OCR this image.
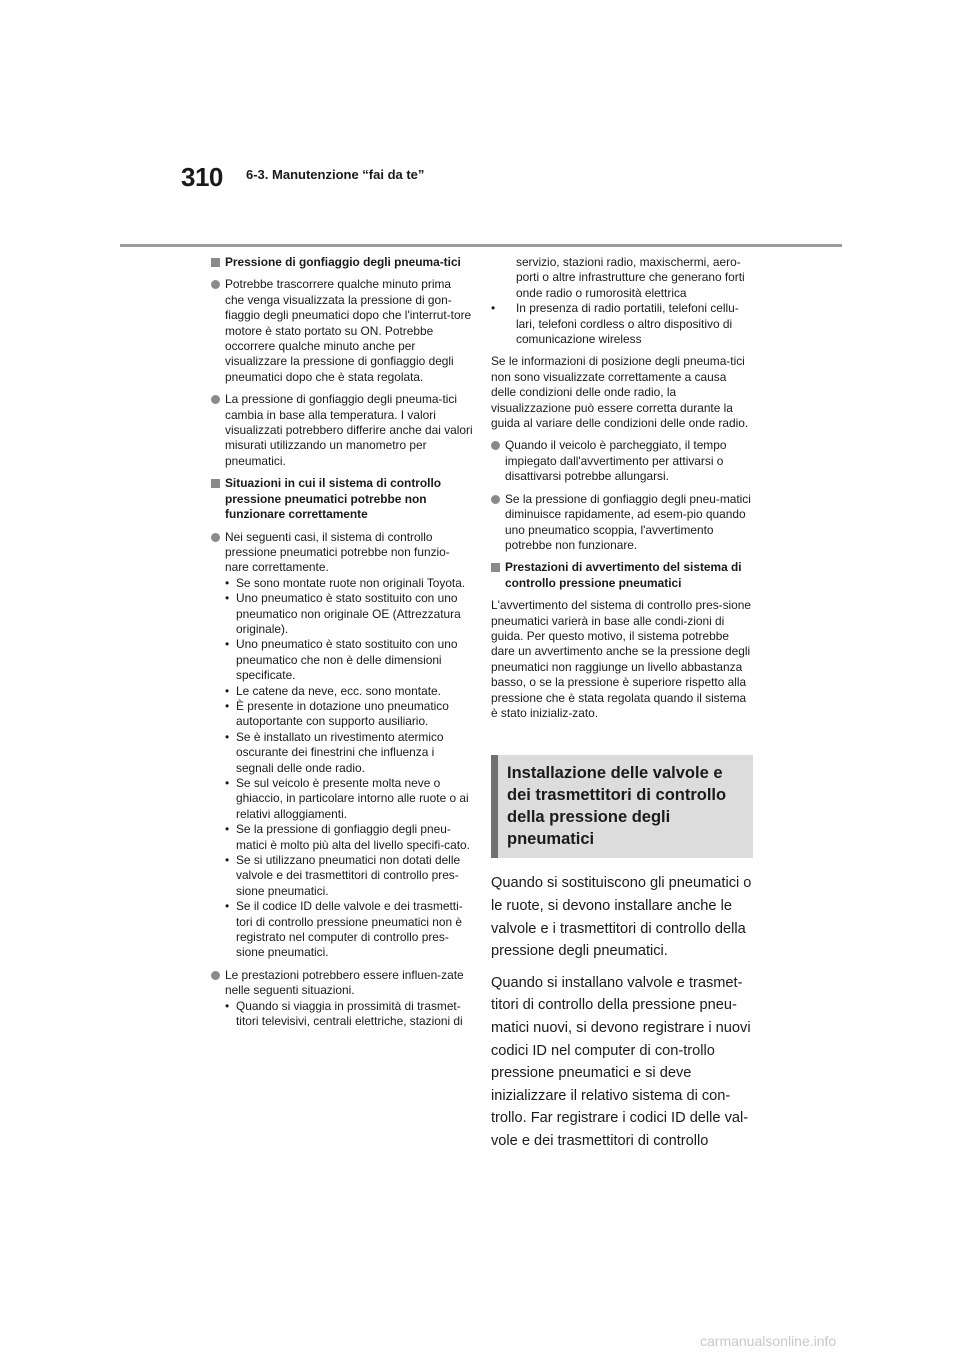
310 6-3. Manutenzione “fai da te”
Pressione di gonfiaggio degli pneuma-tici
Potrebbe trascorrere qualche minuto prima che venga visualizzata la pressione di gon-fiaggio degli pneumatici dopo che l'interrut-tore motore è stato portato su ON. Potrebbe occorrere qualche minuto anche per visualizzare la pressione di gonfiaggio degli pneumatici dopo che è stata regolata.
La pressione di gonfiaggio degli pneuma-tici cambia in base alla temperatura. I valori visualizzati potrebbero differire anche dai valori misurati utilizzando un manometro per pneumatici.
Situazioni in cui il sistema di controllo pressione pneumatici potrebbe non funzionare correttamente
Nei seguenti casi, il sistema di controllo pressione pneumatici potrebbe non funzio-nare correttamente.
• Se sono montate ruote non originali Toyota.
• Uno pneumatico è stato sostituito con uno pneumatico non originale OE (Attrezzatura originale).
• Uno pneumatico è stato sostituito con uno pneumatico che non è delle dimensioni specificate.
• Le catene da neve, ecc. sono montate.
• È presente in dotazione uno pneumatico autoportante con supporto ausiliario.
• Se è installato un rivestimento atermico oscurante dei finestrini che influenza i segnali delle onde radio.
• Se sul veicolo è presente molta neve o ghiaccio, in particolare intorno alle ruote o ai relativi alloggiamenti.
• Se la pressione di gonfiaggio degli pneu-matici è molto più alta del livello specifi-cato.
• Se si utilizzano pneumatici non dotati delle valvole e dei trasmettitori di controllo pres-sione pneumatici.
• Se il codice ID delle valvole e dei trasmetti-tori di controllo pressione pneumatici non è registrato nel computer di controllo pres-sione pneumatici.
Le prestazioni potrebbero essere influen-zate nelle seguenti situazioni.
• Quando si viaggia in prossimità di trasmet-titori televisivi, centrali elettriche, stazioni di
servizio, stazioni radio, maxischermi, aero-porti o altre infrastrutture che generano forti onde radio o rumorosità elettrica
• In presenza di radio portatili, telefoni cellu-lari, telefoni cordless o altro dispositivo di comunicazione wireless

Se le informazioni di posizione degli pneuma-tici non sono visualizzate correttamente a causa delle condizioni delle onde radio, la visualizzazione può essere corretta durante la guida al variare delle condizioni delle onde radio.

Quando il veicolo è parcheggiato, il tempo impiegato dall'avvertimento per attivarsi o disattivarsi potrebbe allungarsi.
Se la pressione di gonfiaggio degli pneu-matici diminuisce rapidamente, ad esem-pio quando uno pneumatico scoppia, l'avvertimento potrebbe non funzionare.
Prestazioni di avvertimento del sistema di controllo pressione pneumatici

L'avvertimento del sistema di controllo pres-sione pneumatici varierà in base alle condi-zioni di guida. Per questo motivo, il sistema potrebbe dare un avvertimento anche se la pressione degli pneumatici non raggiunge un livello abbastanza basso, o se la pressione è superiore rispetto alla pressione che è stata regolata quando il sistema è stato inizializ-zato.

Installazione delle valvole e dei trasmettitori di controllo della pressione degli pneumatici

Quando si sostituiscono gli pneumatici o le ruote, si devono installare anche le valvole e i trasmettitori di controllo della pressione degli pneumatici.

Quando si installano valvole e trasmet-titori di controllo della pressione pneu-matici nuovi, si devono registrare i nuovi codici ID nel computer di con-trollo pressione pneumatici e si deve inizializzare il relativo sistema di con-trollo. Far registrare i codici ID delle val-vole e dei trasmettitori di controllo

carmanualsonline.info
